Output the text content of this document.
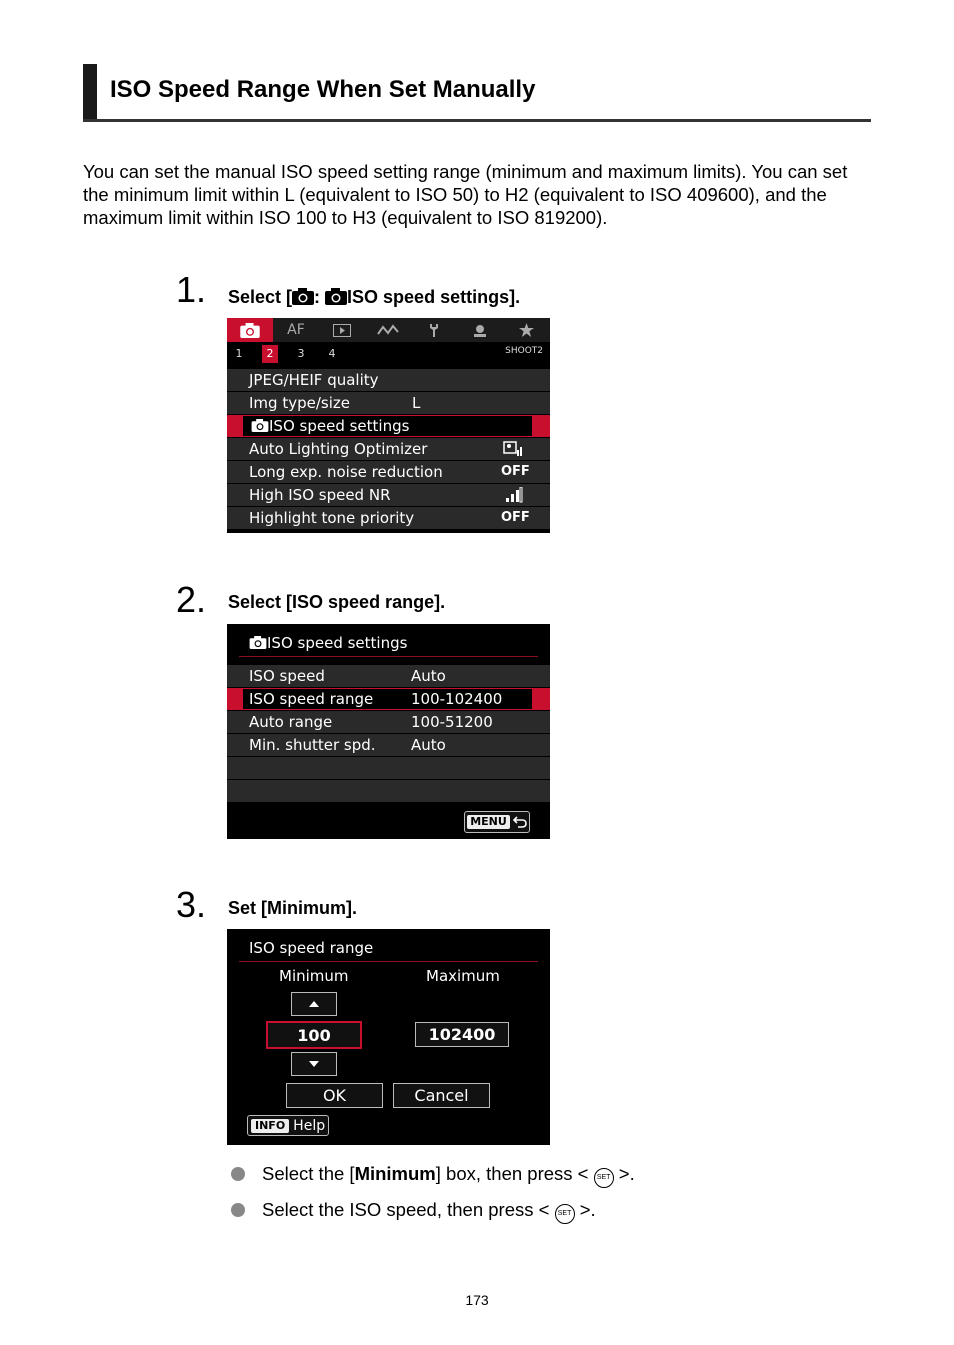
ISO Speed Range When Set Manually
You can set the manual ISO speed setting range (minimum and maximum limits). You can set the minimum limit within L (equivalent to ISO 50) to H2 (equivalent to ISO 409600), and the maximum limit within ISO 100 to H3 (equivalent to ISO 819200).
1. Select [ : ISO speed settings].
AF
1	2	3	4	SHOOT2
JPEG/HEIF quality
Img type/size	L
ISO speed settings
Auto Lighting Optimizer
Long exp. noise reduction	OFF
High ISO speed NR
Highlight tone priority	OFF
2. Select [ISO speed range].
ISO speed settings
ISO speed	Auto
ISO speed range	100-102400
Auto range	100-51200
Min. shutter spd. Auto
MENU
3. Set [Minimum].
ISO speed range
Minimum	Maximum
100	102400
OK	Cancel
INFO Help
Select the [Minimum] box, then press < SET >.
Select the ISO speed, then press < SET >.
173
